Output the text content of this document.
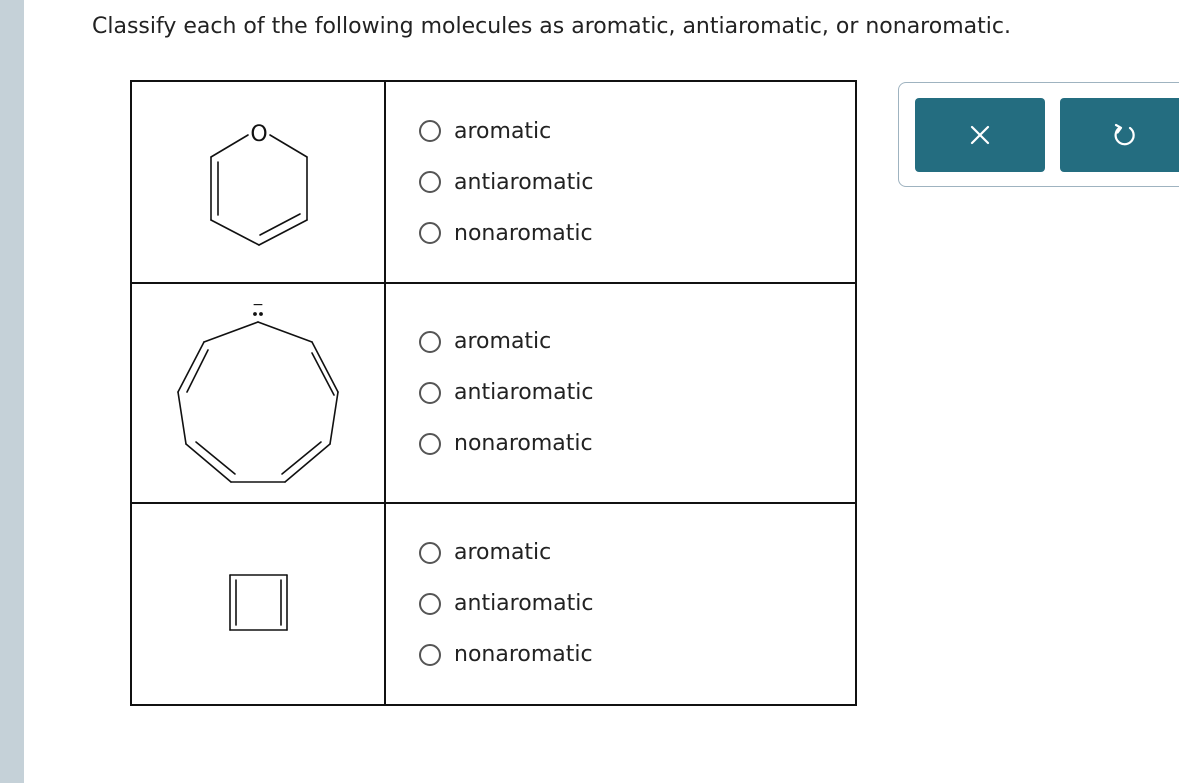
Classify each of the following molecules as aromatic, antiaromatic, or nonaromatic.
O	aromatic
antiaromatic
nonaromatic

−	aromatic
antiaromatic
nonaromatic

aromatic
antiaromatic
nonaromatic
